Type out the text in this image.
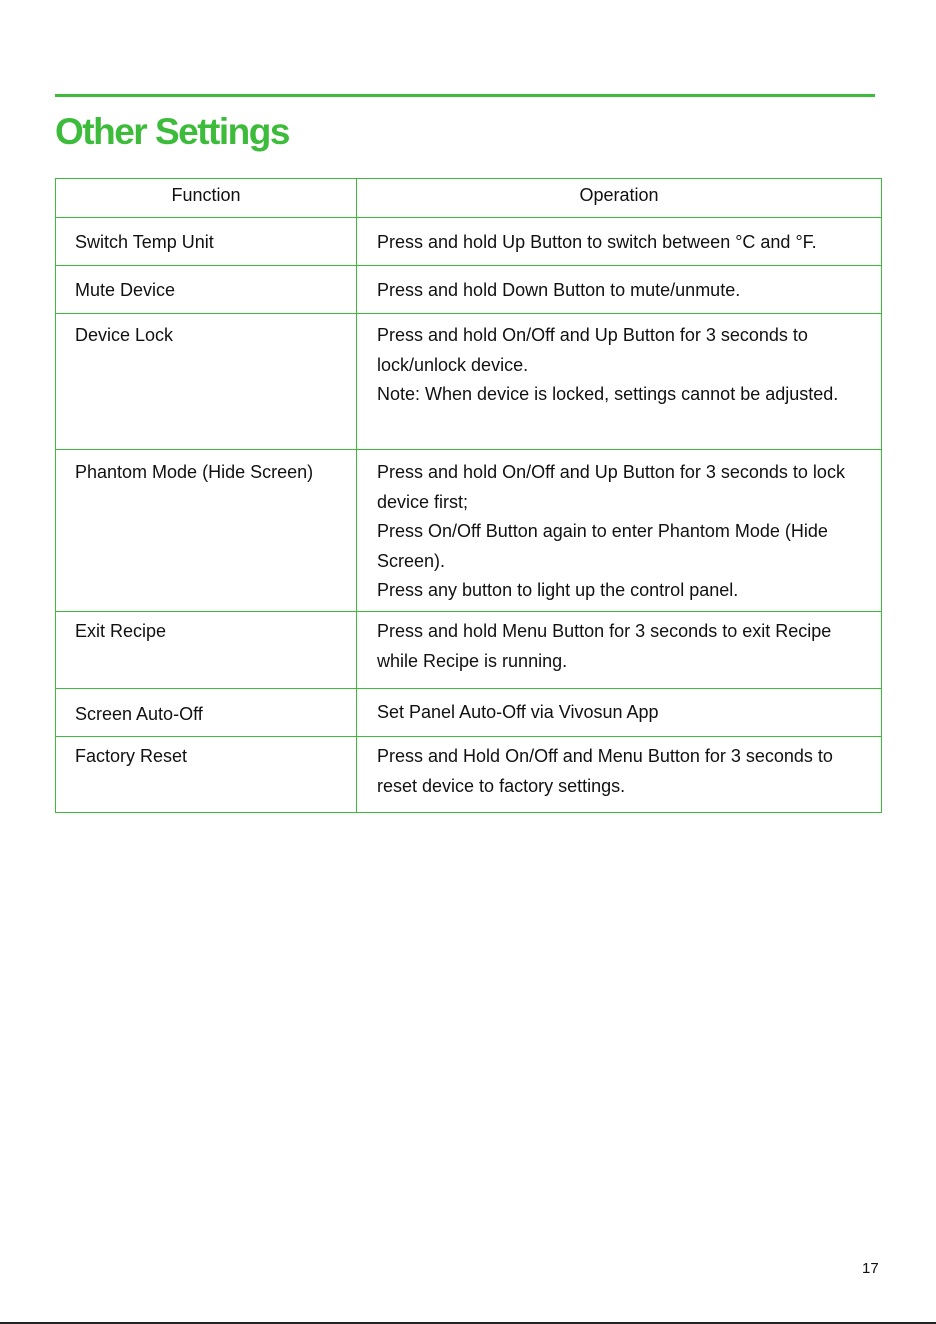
Other Settings
Function	Operation
Switch Temp Unit	Press and hold Up Button to switch between °C and °F.

Mute Device	Press and hold Down Button to mute/unmute.

Device Lock	Press and hold On/Off and Up Button for 3 seconds to
lock/unlock device.
Note: When device is locked, settings cannot be adjusted.

Phantom Mode (Hide Screen)	Press and hold On/Off and Up Button for 3 seconds to lock
device first;
Press On/Off Button again to enter Phantom Mode (Hide
Screen).
Press any button to light up the control panel.

Exit Recipe	Press and hold Menu Button for 3 seconds to exit Recipe
while Recipe is running.

Screen Auto-Off	Set Panel Auto-Off via Vivosun App

Factory Reset	Press and Hold On/Off and Menu Button for 3 seconds to
reset device to factory settings.
17
